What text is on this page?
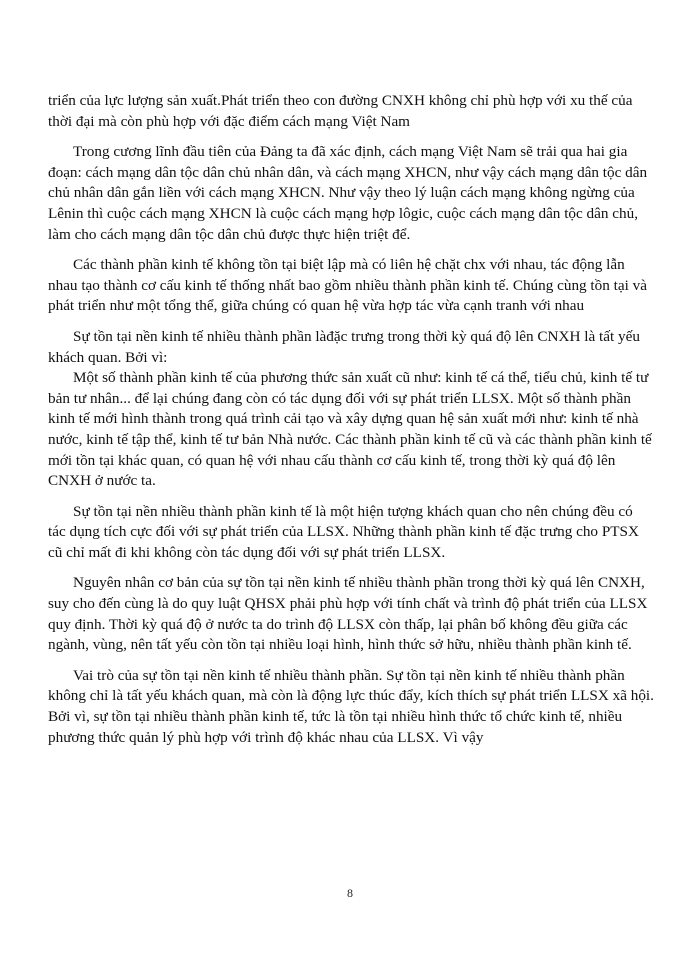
triển của lực lượng sản xuất.Phát triển theo con đường CNXH không chỉ phù hợp với xu thế của thời đại mà còn phù hợp với đặc điểm cách mạng Việt Nam

Trong cương lĩnh đầu tiên của Đảng ta đã xác định, cách mạng Việt Nam sẽ trải qua hai gia đoạn: cách mạng dân tộc dân chủ nhân dân, và cách mạng XHCN, như vậy cách mạng dân tộc dân chủ nhân dân gắn liền với cách mạng XHCN. Như vậy theo lý luận cách mạng không ngừng của Lênin thì cuộc cách mạng XHCN là cuộc cách mạng hợp lôgic, cuộc cách mạng dân tộc dân chủ, làm cho cách mạng dân tộc dân chủ được thực hiện triệt để.

Các thành phần kinh tế không tồn tại biệt lập mà có liên hệ chặt chx với nhau, tác động lẫn nhau tạo thành cơ cấu kinh tế thống nhất bao gồm nhiều thành phần kinh tế. Chúng cùng tồn tại và phát triển như một tổng thể, giữa chúng có quan hệ vừa hợp tác vừa cạnh tranh với nhau

Sự tồn tại nền kinh tế nhiều thành phần làđặc trưng trong thời kỳ quá độ lên CNXH là tất yếu khách quan. Bởi vì:

Một số thành phần kinh tế của phương thức sản xuất cũ như: kinh tế cá thể, tiểu chủ, kinh tế tư bản tư nhân... để lại chúng đang còn có tác dụng đối với sự phát triển LLSX. Một số thành phần kinh tế mới hình thành trong quá trình cải tạo và xây dựng quan hệ sản xuất mới như: kinh tế nhà nước, kinh tế tập thể, kinh tế tư bản Nhà nước. Các thành phần kinh tế cũ và các thành phần kinh tế mới tồn tại khác quan, có quan hệ với nhau cấu thành cơ cấu kinh tế, trong thời kỳ quá độ lên CNXH ở nước ta.

Sự tồn tại nền nhiều thành phần kinh tế là một hiện tượng khách quan cho nên chúng đều có tác dụng tích cực đối với sự phát triển của LLSX. Những thành phần kinh tế đặc trưng cho PTSX cũ chỉ mất đi khi không còn tác dụng đối với sự phát triển LLSX.

Nguyên nhân cơ bản của sự tồn tại nền kinh tế nhiều thành phần trong thời kỳ quá lên CNXH, suy cho đến cùng là do quy luật QHSX phải phù hợp với tính chất và trình độ phát triển của LLSX quy định. Thời kỳ quá độ ở nước ta do trình độ LLSX còn thấp, lại phân bố không đều giữa các ngành, vùng, nên tất yếu còn tồn tại nhiều loại hình, hình thức sở hữu, nhiều thành phần kinh tế.

Vai trò của sự tồn tại nền kinh tế nhiều thành phần. Sự tồn tại nền kinh tế nhiều thành phần không chỉ là tất yếu khách quan, mà còn là động lực thúc đẩy, kích thích sự phát triển LLSX xã hội. Bởi vì, sự tồn tại nhiều thành phần kinh tế, tức là tồn tại nhiều hình thức tổ chức kinh tế, nhiều phương thức quản lý phù hợp với trình độ khác nhau của LLSX. Vì vậy

8
